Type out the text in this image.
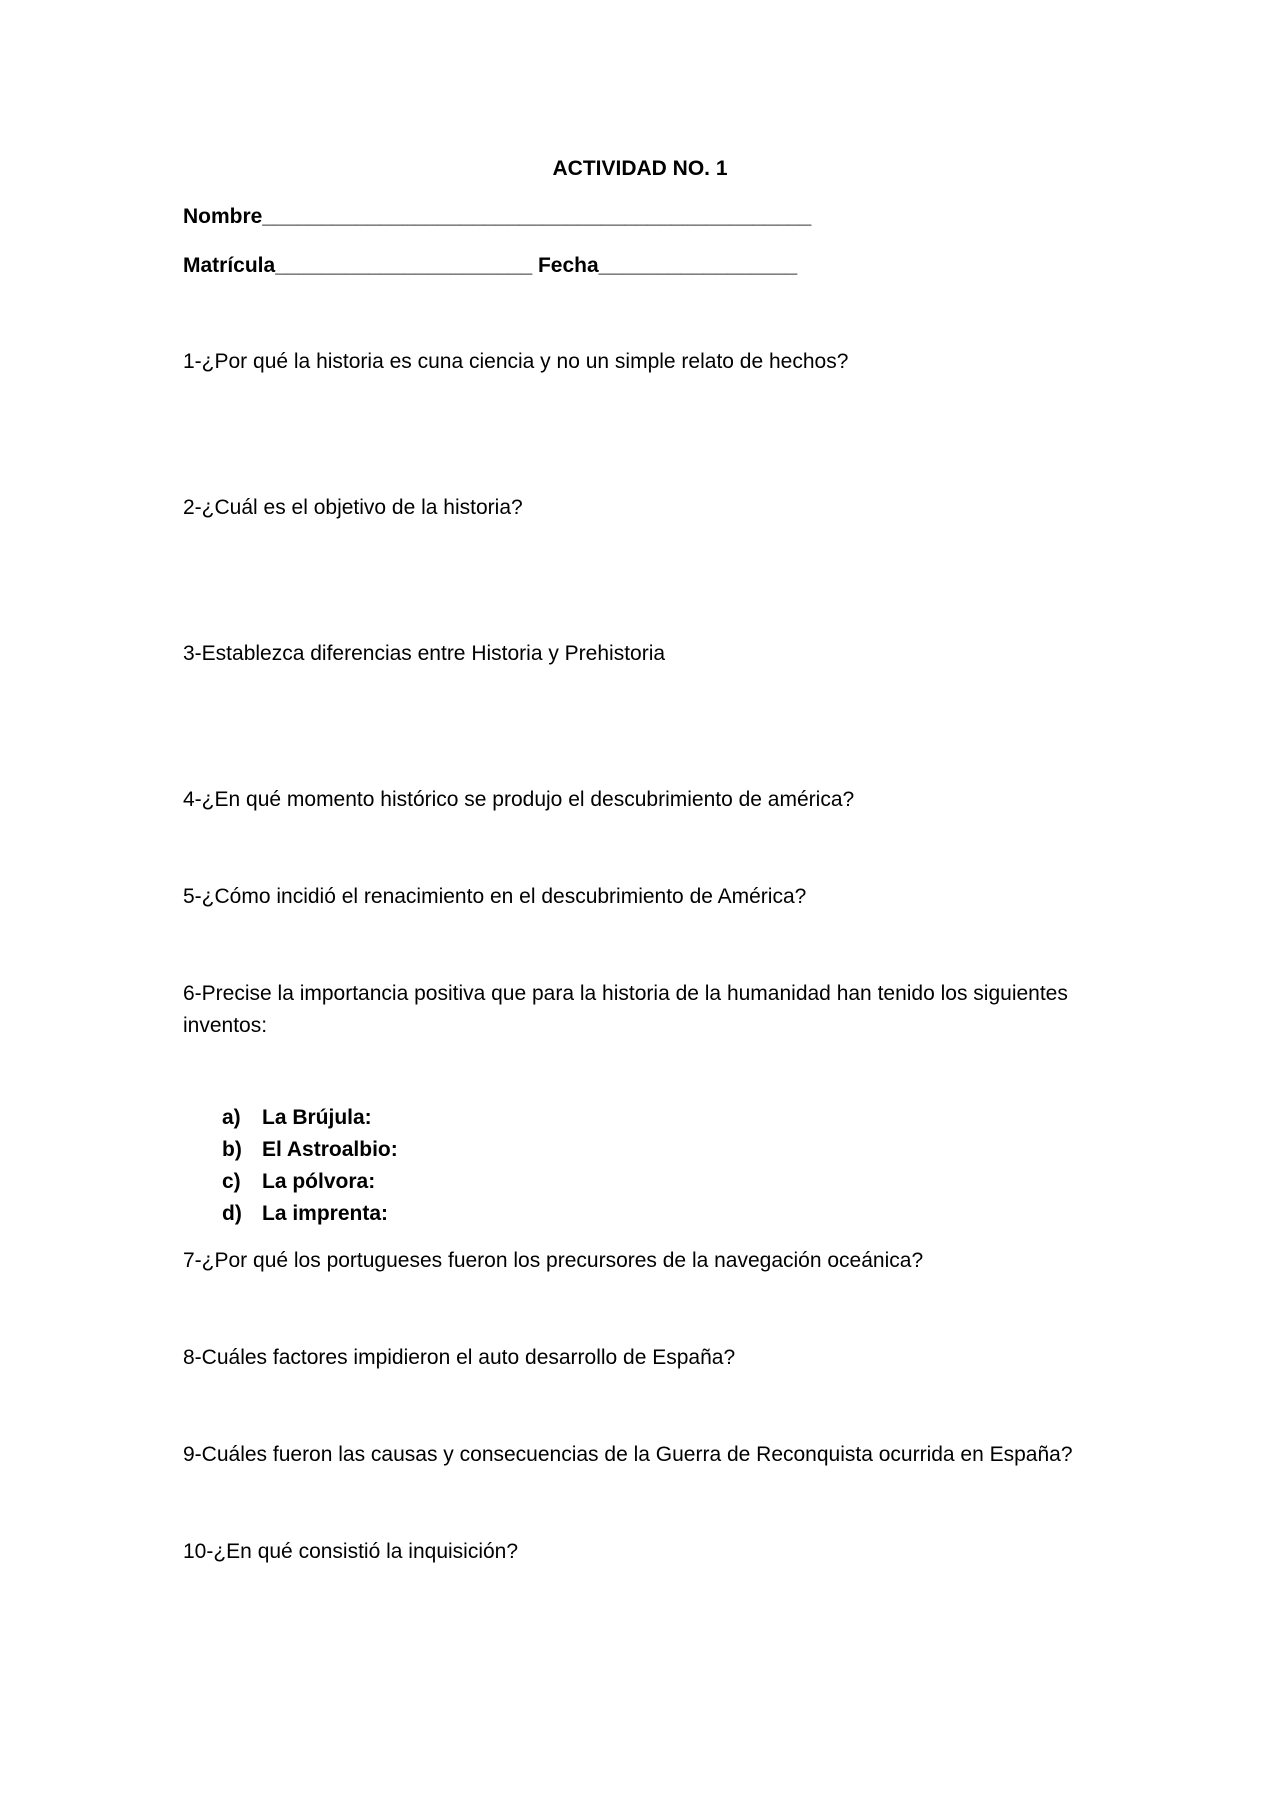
ACTIVIDAD NO. 1
Nombre_______________________________________________
Matrícula______________________ Fecha_________________
1-¿Por qué la historia es cuna ciencia y no un simple relato de hechos?
2-¿Cuál es el objetivo de la historia?
3-Establezca diferencias entre Historia y Prehistoria
4-¿En qué momento histórico se produjo el descubrimiento de américa?
5-¿Cómo incidió el renacimiento en el descubrimiento de América?
6-Precise la importancia positiva que para la historia de la humanidad han tenido los siguientes inventos:
a) La Brújula:
b) El Astroalbio:
c) La pólvora:
d) La imprenta:
7-¿Por qué los portugueses fueron los precursores de la navegación oceánica?
8-Cuáles factores impidieron el auto desarrollo de España?
9-Cuáles fueron las causas y consecuencias de la Guerra de Reconquista ocurrida en España?
10-¿En qué consistió la inquisición?
